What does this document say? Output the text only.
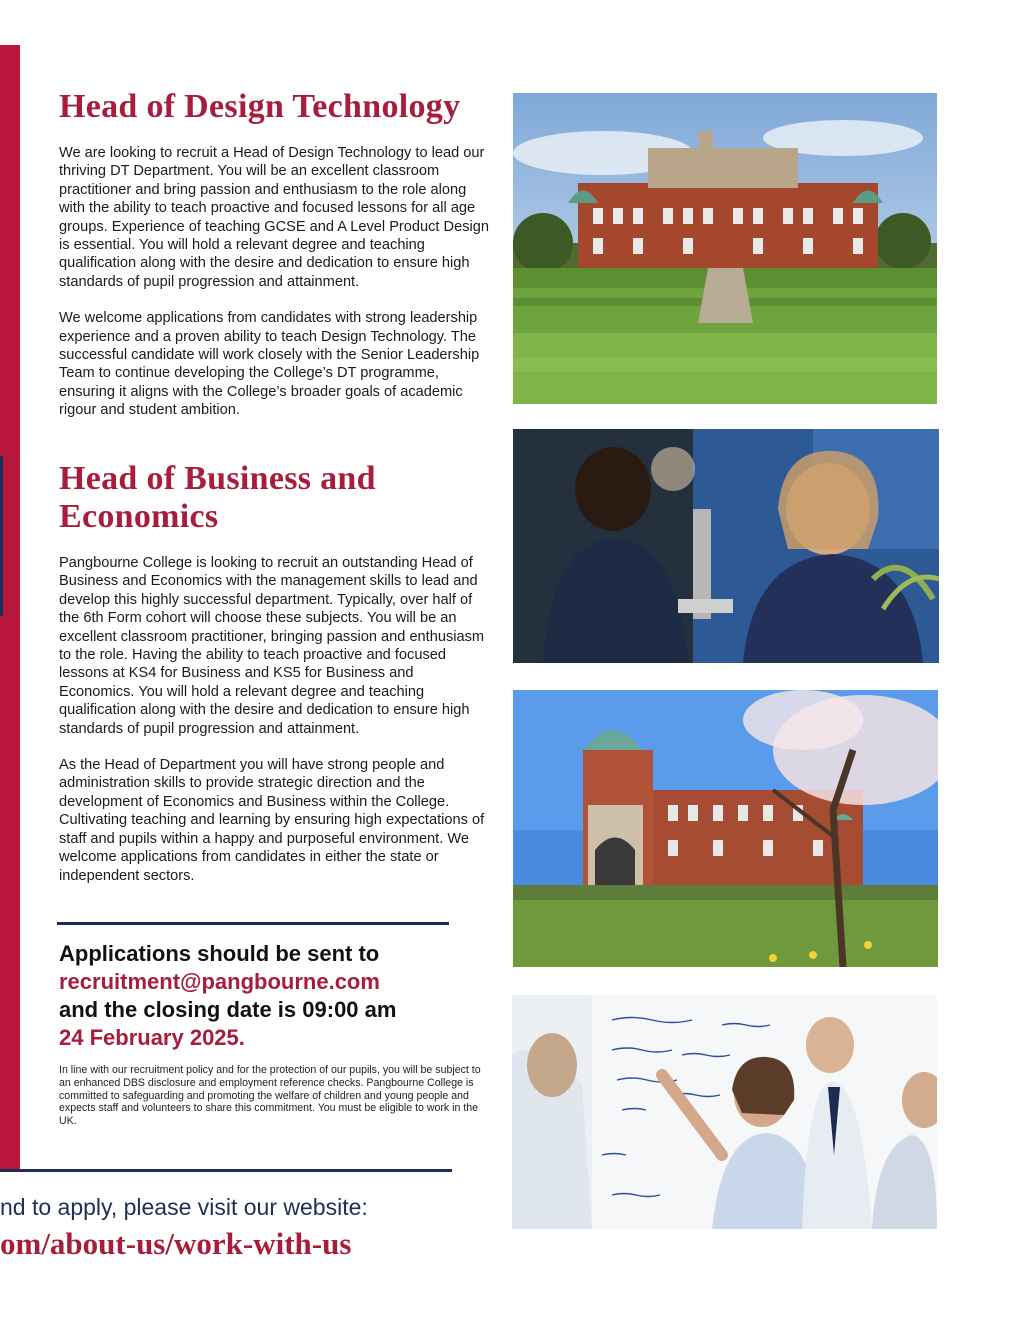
Head of Design Technology

We are looking to recruit a Head of Design Technology to lead our thriving DT Department. You will be an excellent classroom practitioner and bring passion and enthusiasm to the role along with the ability to teach proactive and focused lessons for all age groups. Experience of teaching GCSE and A Level Product Design is essential. You will hold a relevant degree and teaching qualification along with the desire and dedication to ensure high standards of pupil progression and attainment.

We welcome applications from candidates with strong leadership experience and a proven ability to teach Design Technology. The successful candidate will work closely with the Senior Leadership Team to continue developing the College’s DT programme, ensuring it aligns with the College’s broader goals of academic rigour and student ambition.

Head of Business and
Economics

Pangbourne College is looking to recruit an outstanding Head of Business and Economics with the management skills to lead and develop this highly successful department. Typically, over half of the 6th Form cohort will choose these subjects. You will be an excellent classroom practitioner, bringing passion and enthusiasm to the role. Having the ability to teach proactive and focused lessons at KS4 for Business and KS5 for Business and Economics. You will hold a relevant degree and teaching qualification along with the desire and dedication to ensure high standards of pupil progression and attainment.

As the Head of Department you will have strong people and administration skills to provide strategic direction and the development of Economics and Business within the College. Cultivating teaching and learning by ensuring high expectations of staff and pupils within a happy and purposeful environment. We welcome applications from candidates in either the state or independent sectors.

Applications should be sent to
recruitment@pangbourne.com
and the closing date is 09:00 am
24 February 2025.

In line with our recruitment policy and for the protection of our pupils, you will be subject to an enhanced DBS disclosure and employment reference checks. Pangbourne College is committed to safeguarding and promoting the welfare of children and young people and expects staff and volunteers to share this commitment. You must be eligible to work in the UK.

nd to apply, please visit our website:
om/about-us/work-with-us
